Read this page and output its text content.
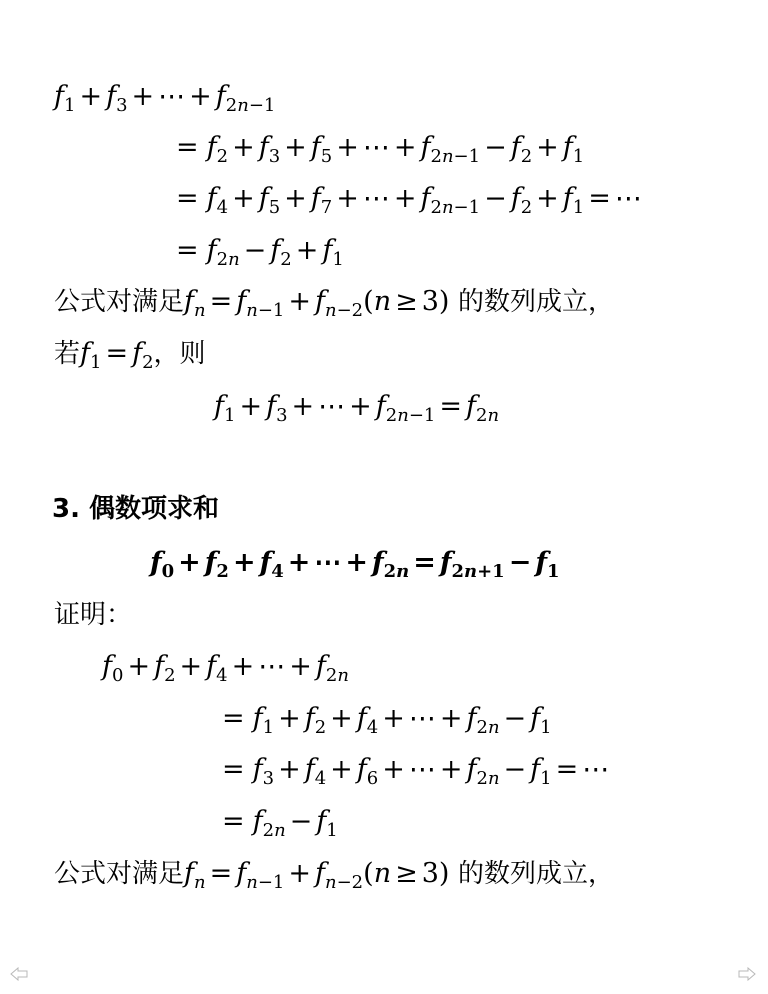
$f_1 + f_3$ + ⋯ + $f_{2n-1}$
= $f_2 + f_3 + f_5$ + ⋯ + $f_{2n-1} - f_2 + f_1$
= $f_4 + f_5 + f_7$ + ⋯ + $f_{2n-1} - f_2 + f_1$ = ⋯
= $f_{2n} - f_2 + f_1$
公式对满足$f_n = f_{n-1} + f_{n-2}(n \ge 3)$ 的数列成立，
若$f_1 = f_2$，则
$f_1 + f_3$ + ⋯ + $f_{2n-1} = f_{2n}$
3. 偶数项求和
$f_0 + f_2 + f_4$ + ⋯ + $f_{2n} = f_{2n+1} - f_1$
证明：
$f_0 + f_2 + f_4$ + ⋯ + $f_{2n}$
= $f_1 + f_2 + f_4$ + ⋯ + $f_{2n} - f_1$
= $f_3 + f_4 + f_6$ + ⋯ + $f_{2n} - f_1$ = ⋯
= $f_{2n} - f_1$
公式对满足$f_n = f_{n-1} + f_{n-2}(n \ge 3)$ 的数列成立，
